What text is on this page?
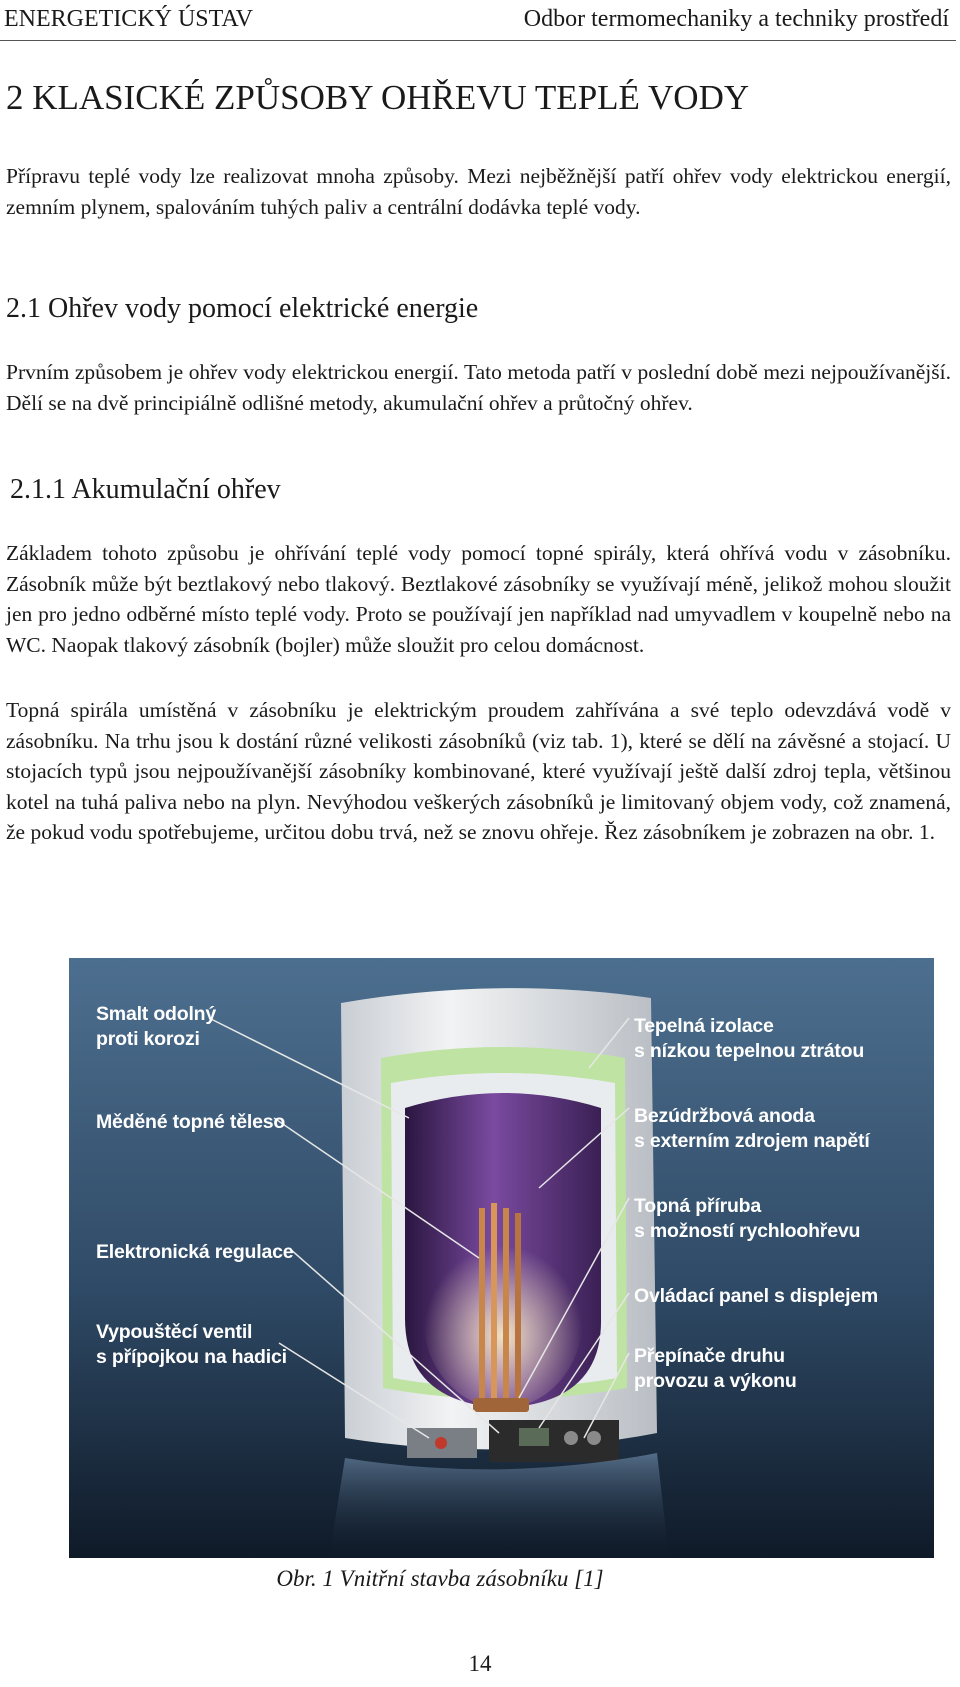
ENERGETICKÝ ÚSTAV	Odbor termomechaniky a techniky prostředí
2 KLASICKÉ ZPŮSOBY OHŘEVU TEPLÉ VODY
Přípravu teplé vody lze realizovat mnoha způsoby. Mezi nejběžnější patří ohřev vody elektrickou energií, zemním plynem, spalováním tuhých paliv a centrální dodávka teplé vody.
2.1 Ohřev vody pomocí elektrické energie
Prvním způsobem je ohřev vody elektrickou energií. Tato metoda patří v poslední době mezi nejpoužívanější. Dělí se na dvě principiálně odlišné metody, akumulační ohřev a průtočný ohřev.
2.1.1 Akumulační ohřev
Základem tohoto způsobu je ohřívání teplé vody pomocí topné spirály, která ohřívá vodu v zásobníku. Zásobník může být beztlakový nebo tlakový. Beztlakové zásobníky se využívají méně, jelikož mohou sloužit jen pro jedno odběrné místo teplé vody. Proto se používají jen například nad umyvadlem v koupelně nebo na WC. Naopak tlakový zásobník (bojler) může sloužit pro celou domácnost.
Topná spirála umístěná v zásobníku je elektrickým proudem zahřívána a své teplo odevzdává vodě v zásobníku. Na trhu jsou k dostání různé velikosti zásobníků (viz tab. 1), které se dělí na závěsné a stojací. U stojacích typů jsou nejpoužívanější zásobníky kombinované, které využívají ještě další zdroj tepla, většinou kotel na tuhá paliva nebo na plyn. Nevýhodou veškerých zásobníků je limitovaný objem vody, což znamená, že pokud vodu spotřebujeme, určitou dobu trvá, než se znovu ohřeje. Řez zásobníkem je zobrazen na obr. 1.
Smalt odolný
proti korozi
Měděné topné těleso
Elektronická regulace
Vypouštěcí ventil
s přípojkou na hadici
Tepelná izolace
s nízkou tepelnou ztrátou
Bezúdržbová anoda
s externím zdrojem napětí
Topná příruba
s možností rychloohřevu
Ovládací panel s displejem
Přepínače druhu
provozu a výkonu
Obr. 1 Vnitřní stavba zásobníku [1]
14
